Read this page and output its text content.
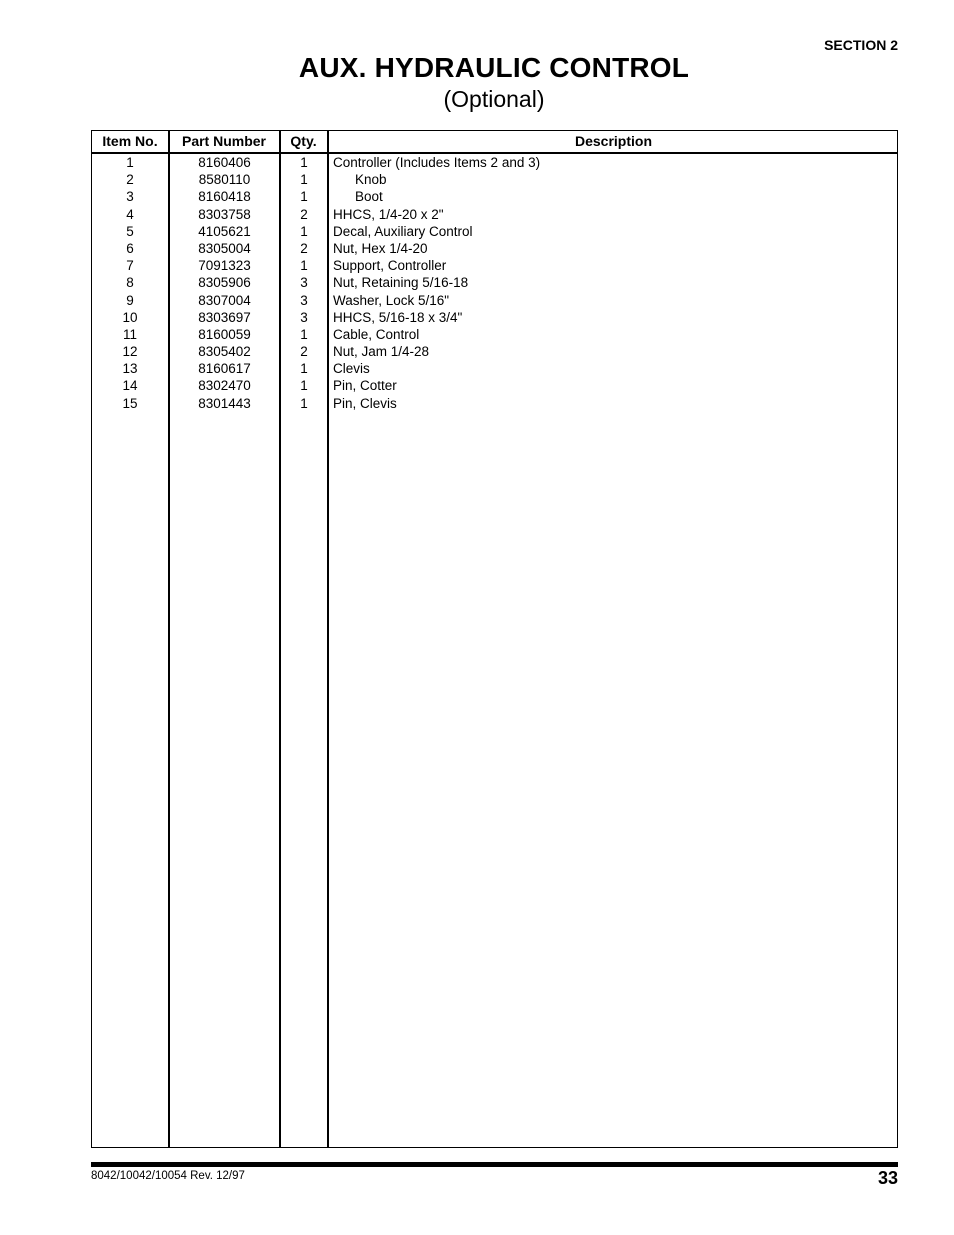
SECTION 2
AUX. HYDRAULIC CONTROL
(Optional)
Item No.	Part Number	Qty.	Description
1	8160406	1	Controller (Includes Items 2 and 3)
2	8580110	1	Knob
3	8160418	1	Boot
4	8303758	2	HHCS, 1/4-20 x 2"
5	4105621	1	Decal, Auxiliary Control
6	8305004	2	Nut, Hex 1/4-20
7	7091323	1	Support, Controller
8	8305906	3	Nut, Retaining 5/16-18
9	8307004	3	Washer, Lock 5/16"
10	8303697	3	HHCS, 5/16-18 x 3/4"
11	8160059	1	Cable, Control
12	8305402	2	Nut, Jam 1/4-28
13	8160617	1	Clevis
14	8302470	1	Pin, Cotter
15	8301443	1	Pin, Clevis
8042/10042/10054 Rev. 12/97	33
